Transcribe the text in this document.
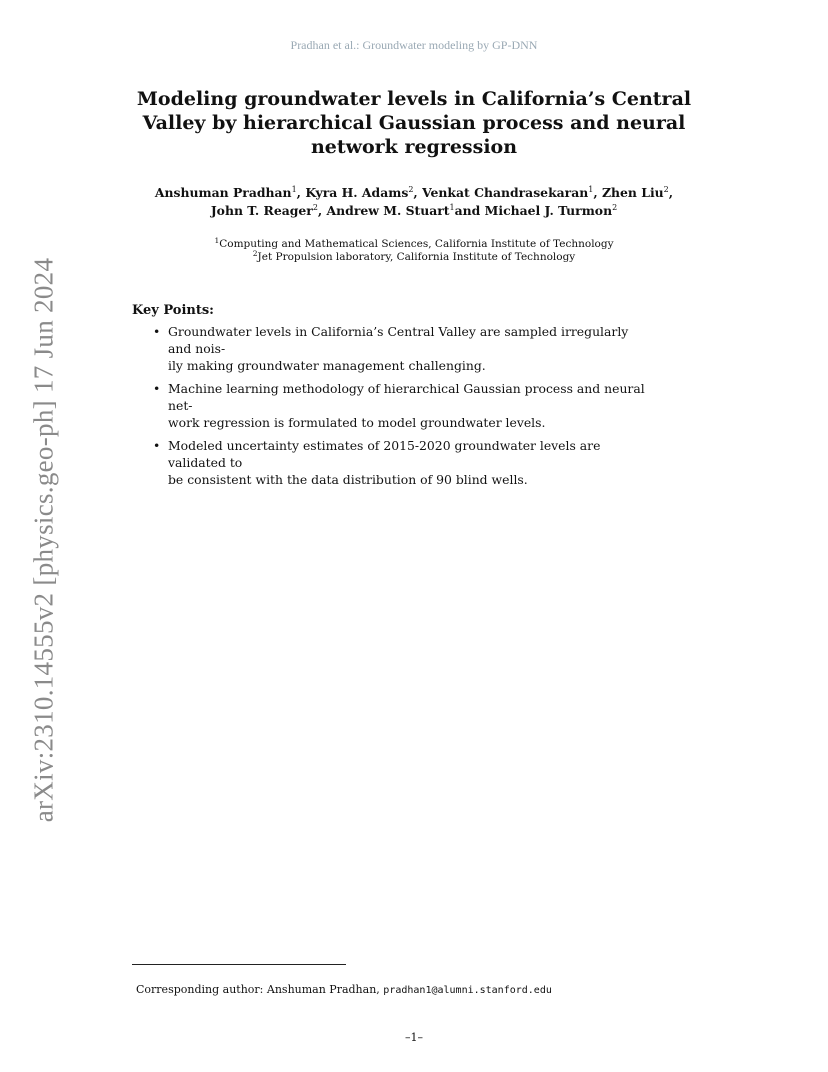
Pradhan et al.: Groundwater modeling by GP-DNN
arXiv:2310.14555v2 [physics.geo-ph] 17 Jun 2024
Modeling groundwater levels in California’s Central
Valley by hierarchical Gaussian process and neural
network regression
Anshuman Pradhan$^1$, Kyra H. Adams$^2$, Venkat Chandrasekaran$^1$, Zhen Liu$^2$,
John T. Reager$^2$, Andrew M. Stuart$^1$and Michael J. Turmon$^2$
$^1$Computing and Mathematical Sciences, California Institute of Technology
$^2$Jet Propulsion laboratory, California Institute of Technology
Key Points:
• Groundwater levels in California’s Central Valley are sampled irregularly and nois-
ily making groundwater management challenging.
• Machine learning methodology of hierarchical Gaussian process and neural net-
work regression is formulated to model groundwater levels.
• Modeled uncertainty estimates of 2015-2020 groundwater levels are validated to
be consistent with the data distribution of 90 blind wells.
Corresponding author: Anshuman Pradhan, pradhan1@alumni.stanford.edu
–1–
